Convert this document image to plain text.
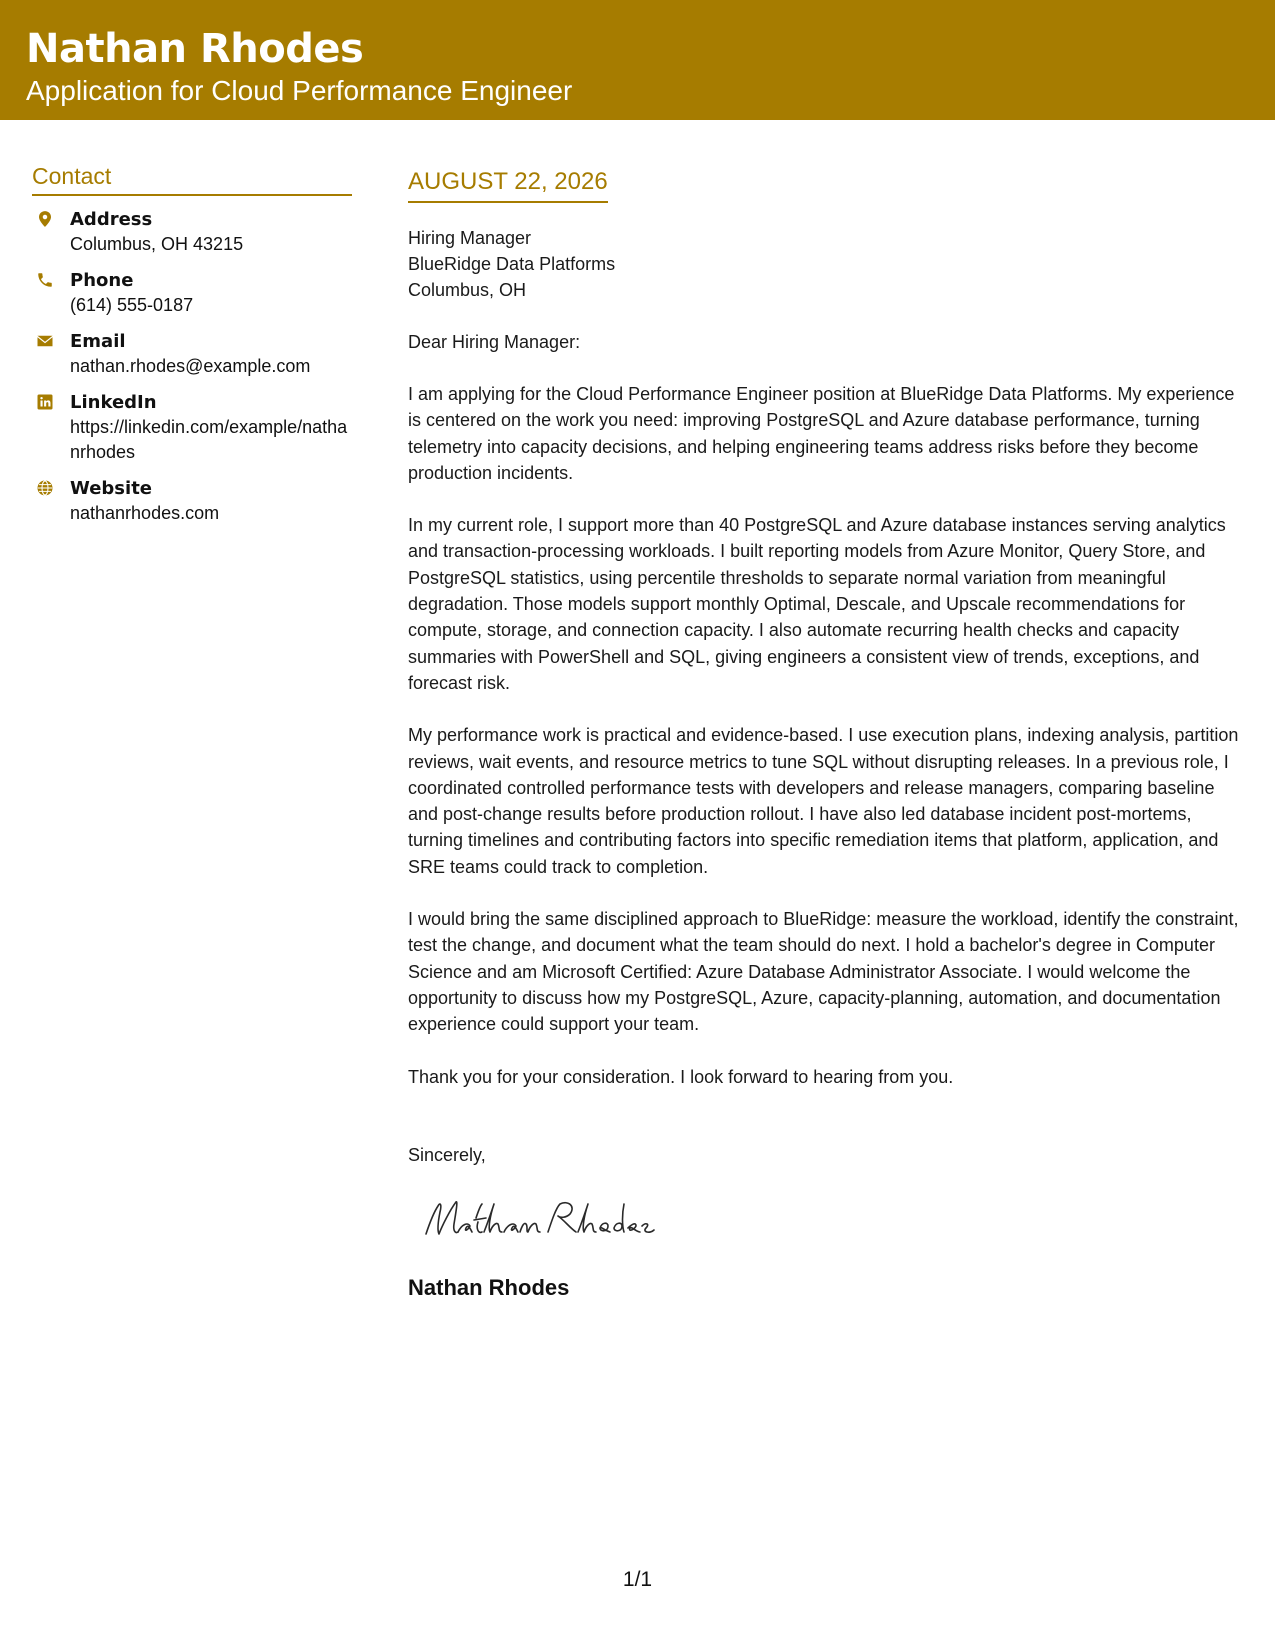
Nathan Rhodes
Application for Cloud Performance Engineer
Contact
Address
Columbus, OH 43215
Phone
(614) 555-0187
Email
nathan.rhodes@example.com
LinkedIn
https://linkedin.com/example/nathanrhodes
Website
nathanrhodes.com
AUGUST 22, 2026
Hiring Manager
BlueRidge Data Platforms
Columbus, OH
Dear Hiring Manager:

I am applying for the Cloud Performance Engineer position at BlueRidge Data Platforms. My experience is centered on the work you need: improving PostgreSQL and Azure database performance, turning telemetry into capacity decisions, and helping engineering teams address risks before they become production incidents.

In my current role, I support more than 40 PostgreSQL and Azure database instances serving analytics and transaction-processing workloads. I built reporting models from Azure Monitor, Query Store, and PostgreSQL statistics, using percentile thresholds to separate normal variation from meaningful degradation. Those models support monthly Optimal, Descale, and Upscale recommendations for compute, storage, and connection capacity. I also automate recurring health checks and capacity summaries with PowerShell and SQL, giving engineers a consistent view of trends, exceptions, and forecast risk.

My performance work is practical and evidence-based. I use execution plans, indexing analysis, partition reviews, wait events, and resource metrics to tune SQL without disrupting releases. In a previous role, I coordinated controlled performance tests with developers and release managers, comparing baseline and post-change results before production rollout. I have also led database incident post-mortems, turning timelines and contributing factors into specific remediation items that platform, application, and SRE teams could track to completion.

I would bring the same disciplined approach to BlueRidge: measure the workload, identify the constraint, test the change, and document what the team should do next. I hold a bachelor's degree in Computer Science and am Microsoft Certified: Azure Database Administrator Associate. I would welcome the opportunity to discuss how my PostgreSQL, Azure, capacity-planning, automation, and documentation experience could support your team.

Thank you for your consideration. I look forward to hearing from you.

Sincerely,
Nathan Rhodes
1/1
